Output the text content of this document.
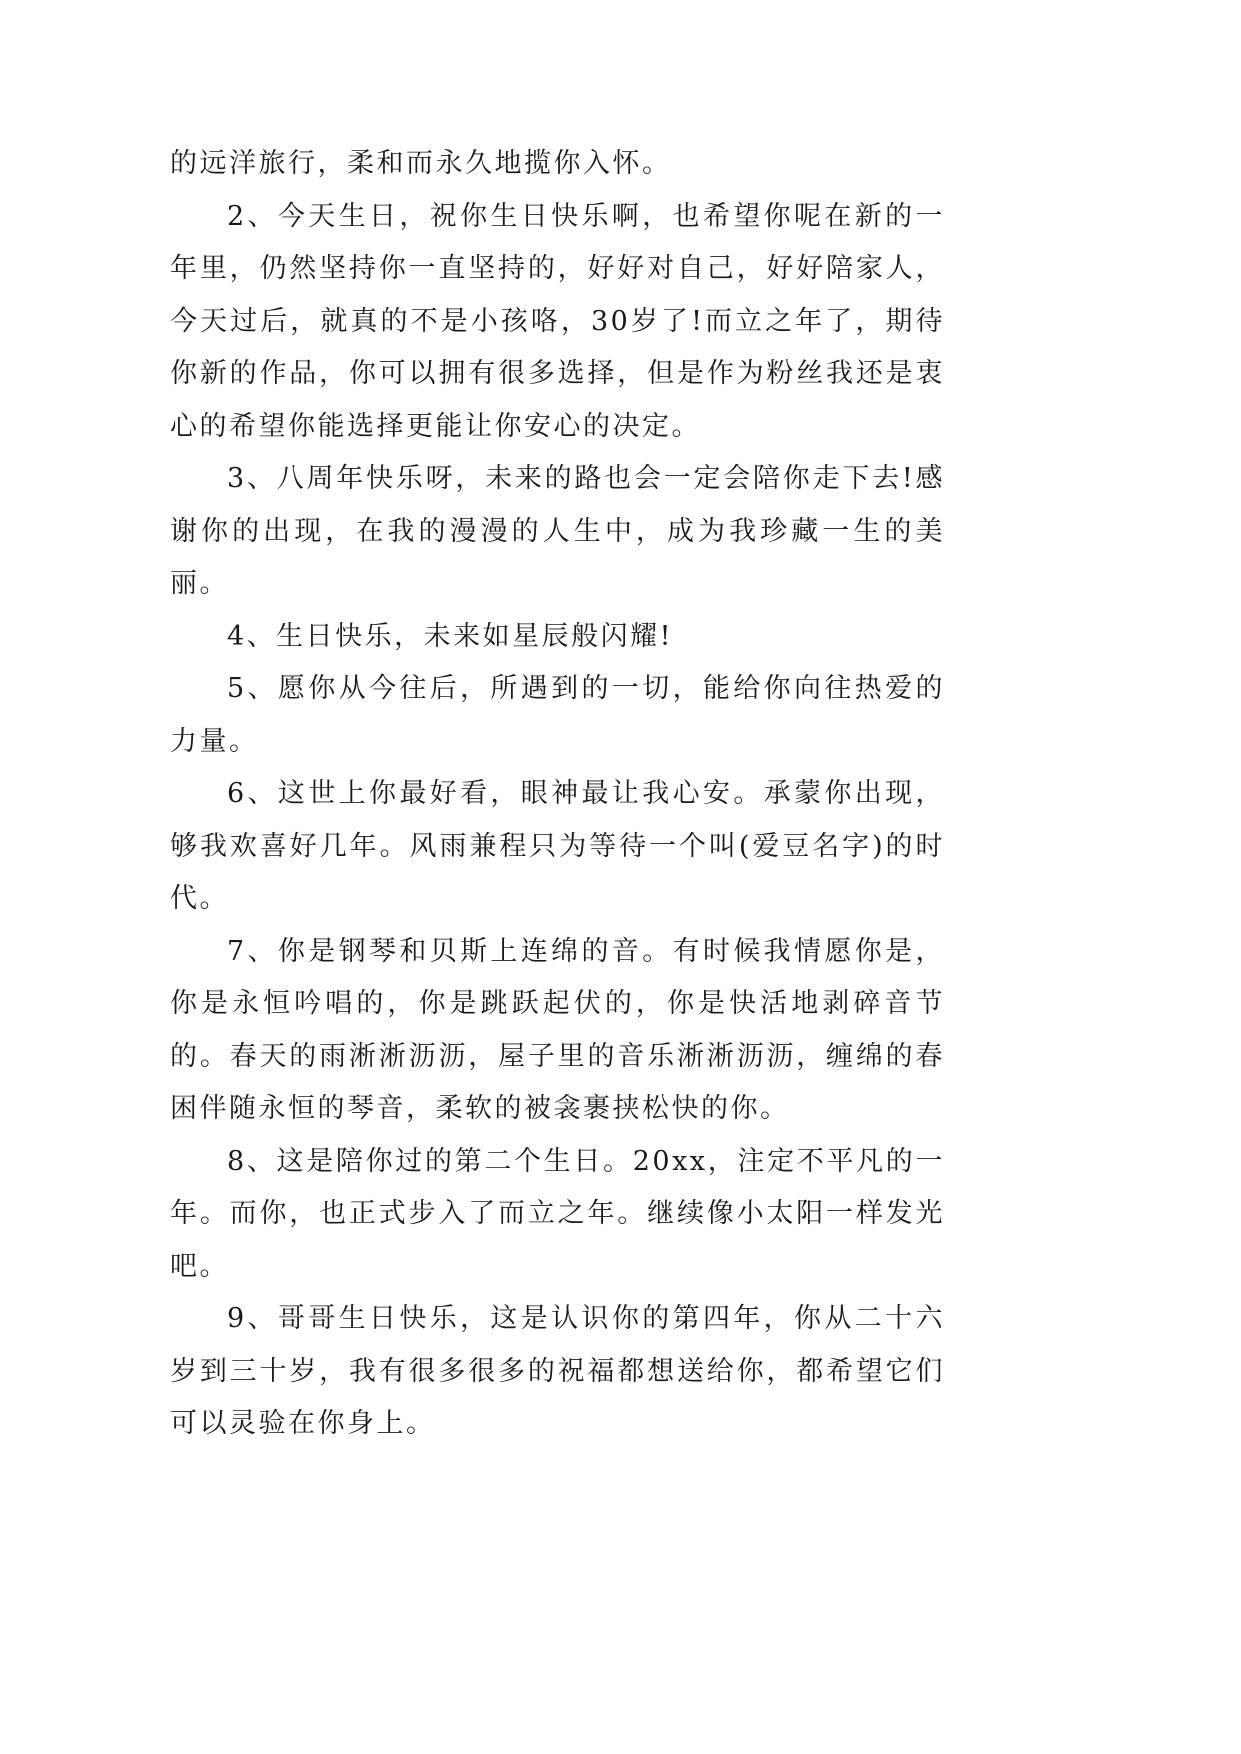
的远洋旅行，柔和而永久地揽你入怀。

2、今天生日，祝你生日快乐啊，也希望你呢在新的一年里，仍然坚持你一直坚持的，好好对自己，好好陪家人，今天过后，就真的不是小孩咯，30岁了!而立之年了，期待你新的作品，你可以拥有很多选择，但是作为粉丝我还是衷心的希望你能选择更能让你安心的决定。

3、八周年快乐呀，未来的路也会一定会陪你走下去!感谢你的出现，在我的漫漫的人生中，成为我珍藏一生的美丽。

4、生日快乐，未来如星辰般闪耀!

5、愿你从今往后，所遇到的一切，能给你向往热爱的力量。

6、这世上你最好看，眼神最让我心安。承蒙你出现，够我欢喜好几年。风雨兼程只为等待一个叫(爱豆名字)的时代。

7、你是钢琴和贝斯上连绵的音。有时候我情愿你是，你是永恒吟唱的，你是跳跃起伏的，你是快活地剥碎音节的。春天的雨淅淅沥沥，屋子里的音乐淅淅沥沥，缠绵的春困伴随永恒的琴音，柔软的被衾裹挟松快的你。

8、这是陪你过的第二个生日。20xx，注定不平凡的一年。而你，也正式步入了而立之年。继续像小太阳一样发光吧。

9、哥哥生日快乐，这是认识你的第四年，你从二十六岁到三十岁，我有很多很多的祝福都想送给你，都希望它们可以灵验在你身上。
